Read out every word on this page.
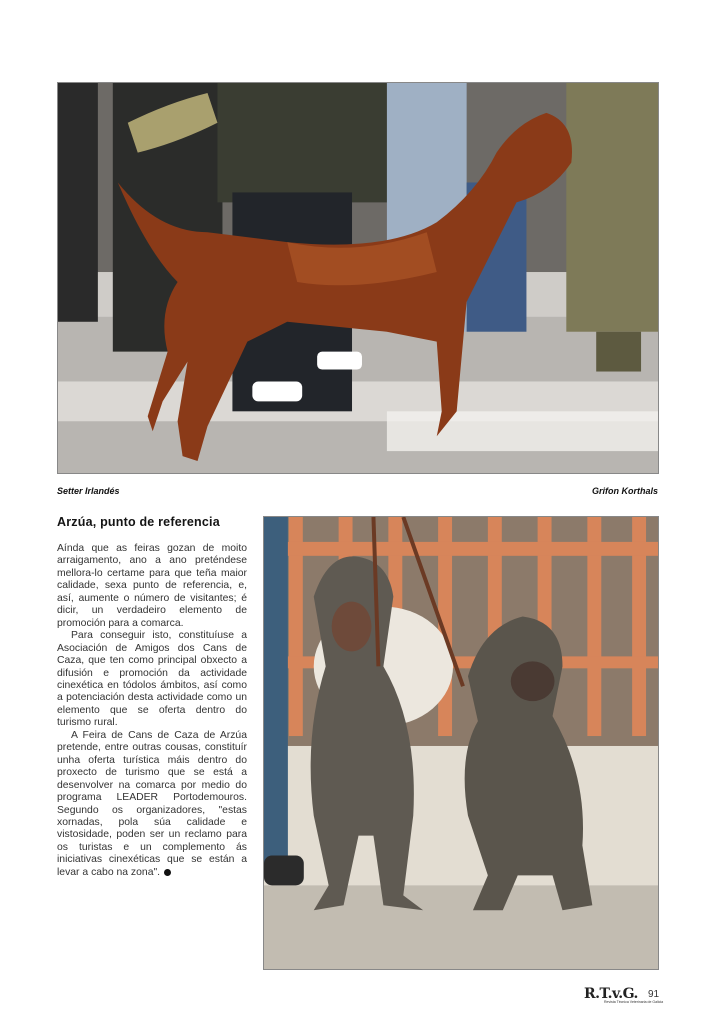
Setter Irlandés	Grifon Korthals
Arzúa, punto de referencia

Aínda que as feiras gozan de moito arraigamento, ano a ano preténdese mellora-lo certame para que teña maior calidade, sexa punto de referencia, e, así, aumente o número de visitantes; é dicir, un verdadeiro elemento de promoción para a comarca.

Para conseguir isto, constituíuse a Asociación de Amigos dos Cans de Caza, que ten como principal obxecto a difusión e promoción da actividade cinexética en tódolos ámbitos, así como a potenciación desta actividade como un elemento que se oferta dentro do turismo rural.

A Feira de Cans de Caza de Arzúa pretende, entre outras cousas, constituír unha oferta turística máis dentro do proxecto de turismo que se está a desenvolver na comarca por medio do programa LEADER Portodemouros. Segundo os organizadores, "estas xornadas, pola súa calidade e vistosidade, poden ser un reclamo para os turistas e un complemento ás iniciativas cinexéticas que se están a levar a cabo na zona".

R.T.v.G.
Revista Técnica Veterinaria de Galicia
91
